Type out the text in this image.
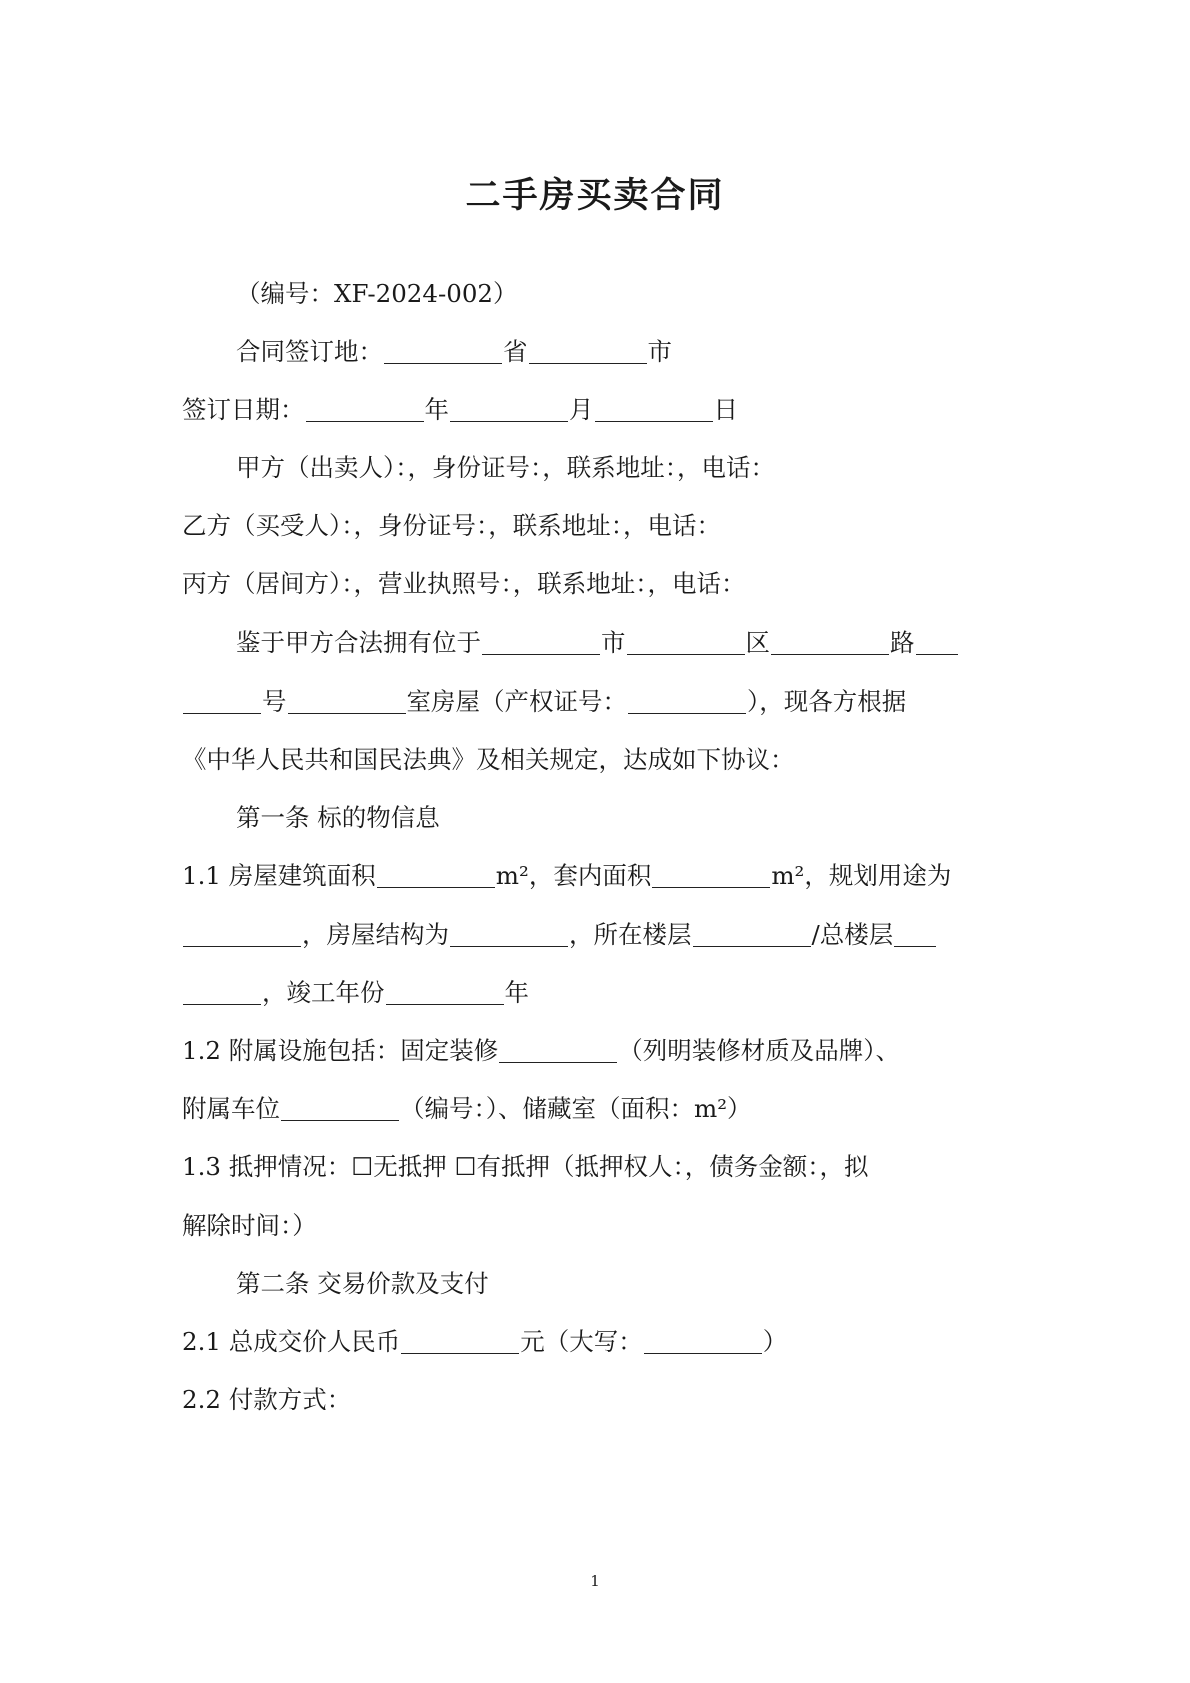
二手房买卖合同
（编号：XF-2024-002）
合同签订地：	省	市
签订日期：	年	月	日
甲方（出卖人）：，身份证号：，联系地址：，电话：
乙方（买受人）：，身份证号：，联系地址：，电话：
丙方（居间方）：，营业执照号：，联系地址：，电话：
鉴于甲方合法拥有位于	市	区	路
号	室房屋（产权证号：	），现各方根据
《中华人民共和国民法典》及相关规定，达成如下协议：
第一条 标的物信息
1.1 房屋建筑面积	m²，套内面积	m²，规划用途为
，房屋结构为	，所在楼层	/总楼层
，竣工年份	年
1.2 附属设施包括：固定装修	（列明装修材质及品牌）、
附属车位	（编号：）、储藏室（面积：m²）
1.3 抵押情况：☐无抵押 ☐有抵押（抵押权人：，债务金额：，拟
解除时间：）
第二条 交易价款及支付
2.1 总成交价人民币	元（大写：	）
2.2 付款方式：
1
